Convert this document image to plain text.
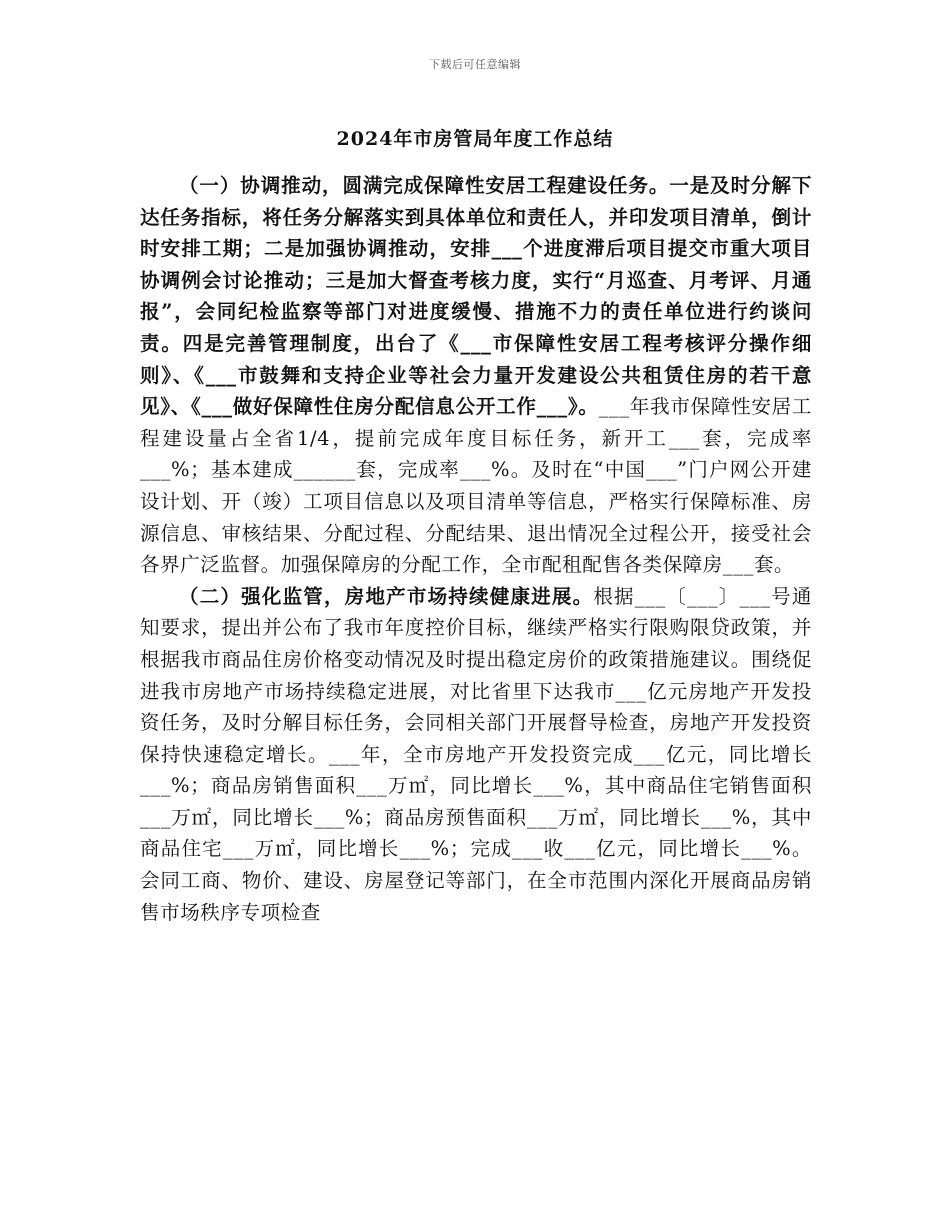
下载后可任意编辑
2024年市房管局年度工作总结

（一）协调推动，圆满完成保障性安居工程建设任务。一是及时分解下达任务指标，将任务分解落实到具体单位和责任人，并印发项目清单，倒计时安排工期；二是加强协调推动，安排___个进度滞后项目提交市重大项目协调例会讨论推动；三是加大督查考核力度，实行“月巡查、月考评、月通报”，会同纪检监察等部门对进度缓慢、措施不力的责任单位进行约谈问责。四是完善管理制度，出台了《___市保障性安居工程考核评分操作细则》、《___市鼓舞和支持企业等社会力量开发建设公共租赁住房的若干意见》、《___做好保障性住房分配信息公开工作___》。___年我市保障性安居工程建设量占全省1/4，提前完成年度目标任务，新开工___套，完成率___%；基本建成______套，完成率___%。及时在“中国___”门户网公开建设计划、开（竣）工项目信息以及项目清单等信息，严格实行保障标准、房源信息、审核结果、分配过程、分配结果、退出情况全过程公开，接受社会各界广泛监督。加强保障房的分配工作，全市配租配售各类保障房___套。

（二）强化监管，房地产市场持续健康进展。根据___〔___〕___号通知要求，提出并公布了我市年度控价目标，继续严格实行限购限贷政策，并根据我市商品住房价格变动情况及时提出稳定房价的政策措施建议。围绕促进我市房地产市场持续稳定进展，对比省里下达我市___亿元房地产开发投资任务，及时分解目标任务，会同相关部门开展督导检查，房地产开发投资保持快速稳定增长。___年，全市房地产开发投资完成___亿元，同比增长___%；商品房销售面积___万㎡，同比增长___%，其中商品住宅销售面积___万㎡，同比增长___%；商品房预售面积___万㎡，同比增长___%，其中商品住宅___万㎡，同比增长___%；完成___收___亿元，同比增长___%。会同工商、物价、建设、房屋登记等部门，在全市范围内深化开展商品房销售市场秩序专项检查
